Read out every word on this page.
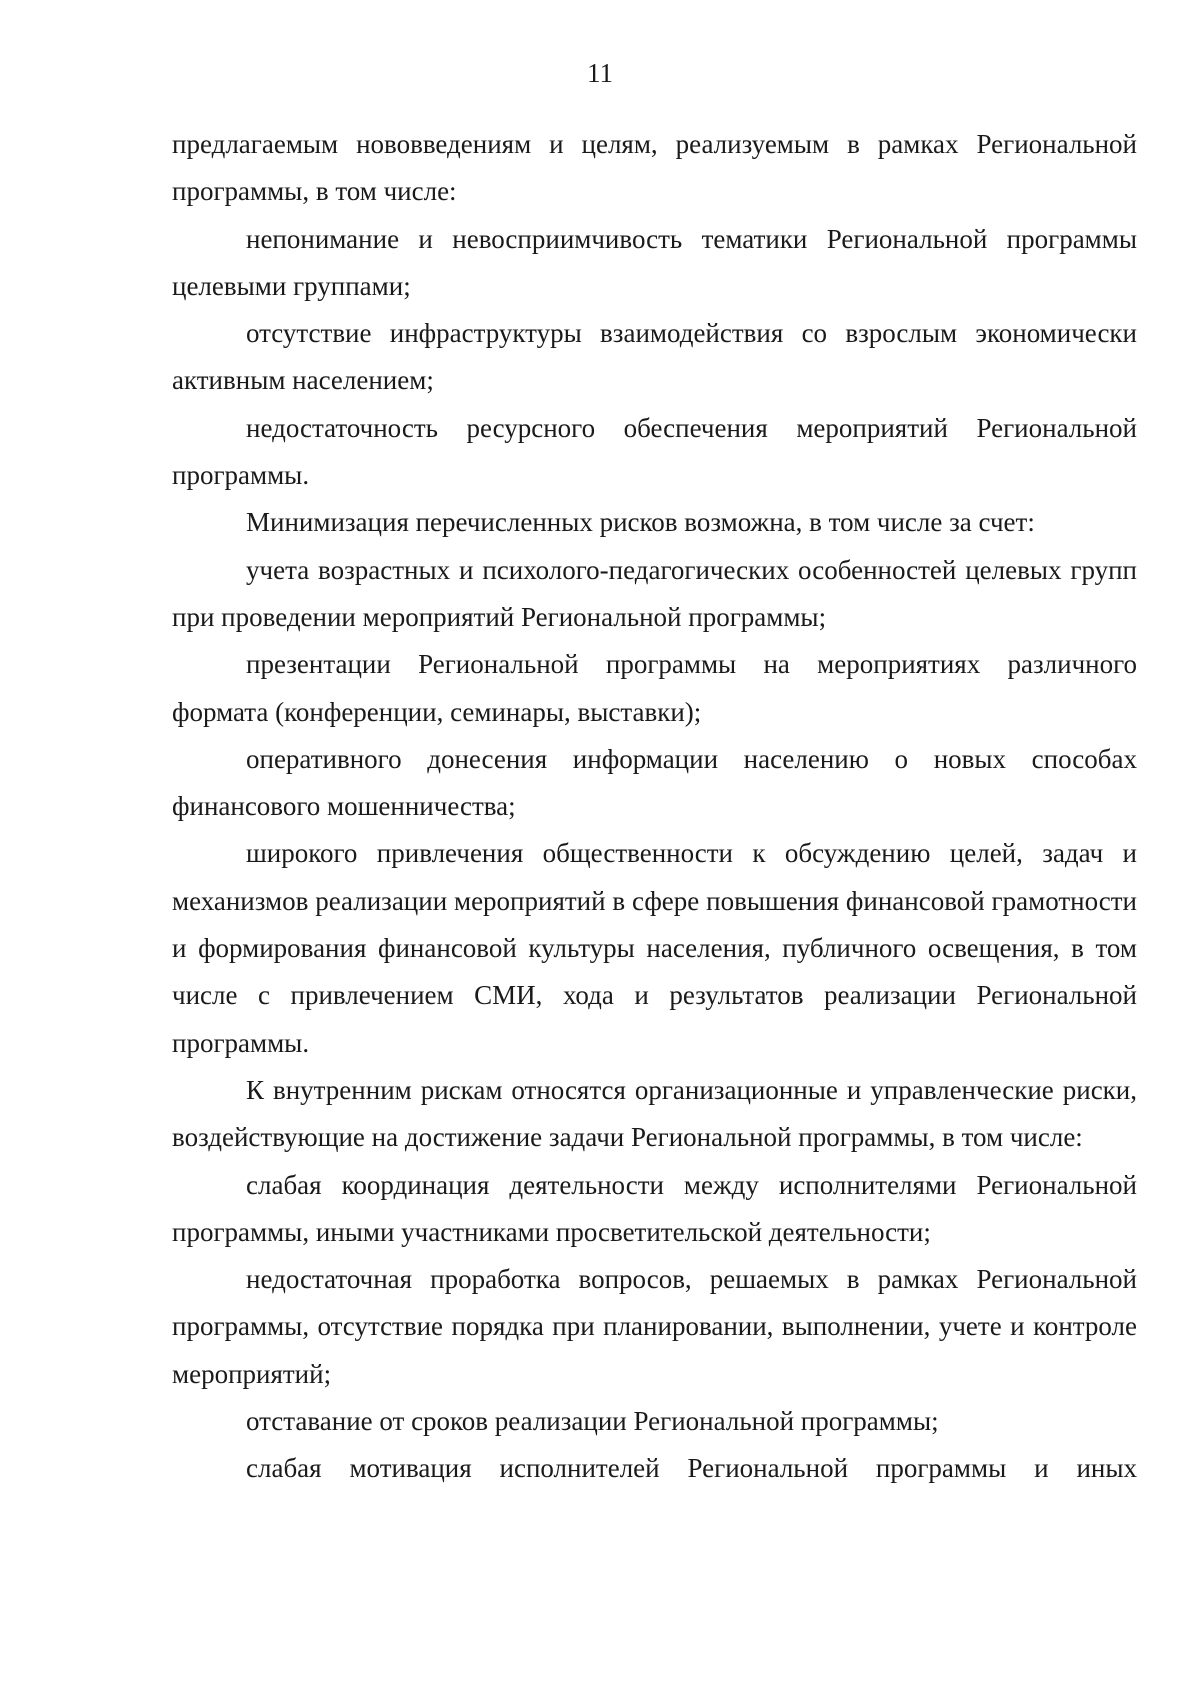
11

предлагаемым нововведениям и целям, реализуемым в рамках Региональной программы, в том числе:

непонимание и невосприимчивость тематики Региональной программы целевыми группами;

отсутствие инфраструктуры взаимодействия со взрослым экономически активным населением;

недостаточность ресурсного обеспечения мероприятий Региональной программы.

Минимизация перечисленных рисков возможна, в том числе за счет:

учета возрастных и психолого-педагогических особенностей целевых групп при проведении мероприятий Региональной программы;

презентации Региональной программы на мероприятиях различного формата (конференции, семинары, выставки);

оперативного донесения информации населению о новых способах финансового мошенничества;

широкого привлечения общественности к обсуждению целей, задач и механизмов реализации мероприятий в сфере повышения финансовой грамотности и формирования финансовой культуры населения, публичного освещения, в том числе с привлечением СМИ, хода и результатов реализации Региональной программы.

К внутренним рискам относятся организационные и управленческие риски, воздействующие на достижение задачи Региональной программы, в том числе:

слабая координация деятельности между исполнителями Региональной программы, иными участниками просветительской деятельности;

недостаточная проработка вопросов, решаемых в рамках Региональной программы, отсутствие порядка при планировании, выполнении, учете и контроле мероприятий;

отставание от сроков реализации Региональной программы;

слабая мотивация исполнителей Региональной программы и иных
